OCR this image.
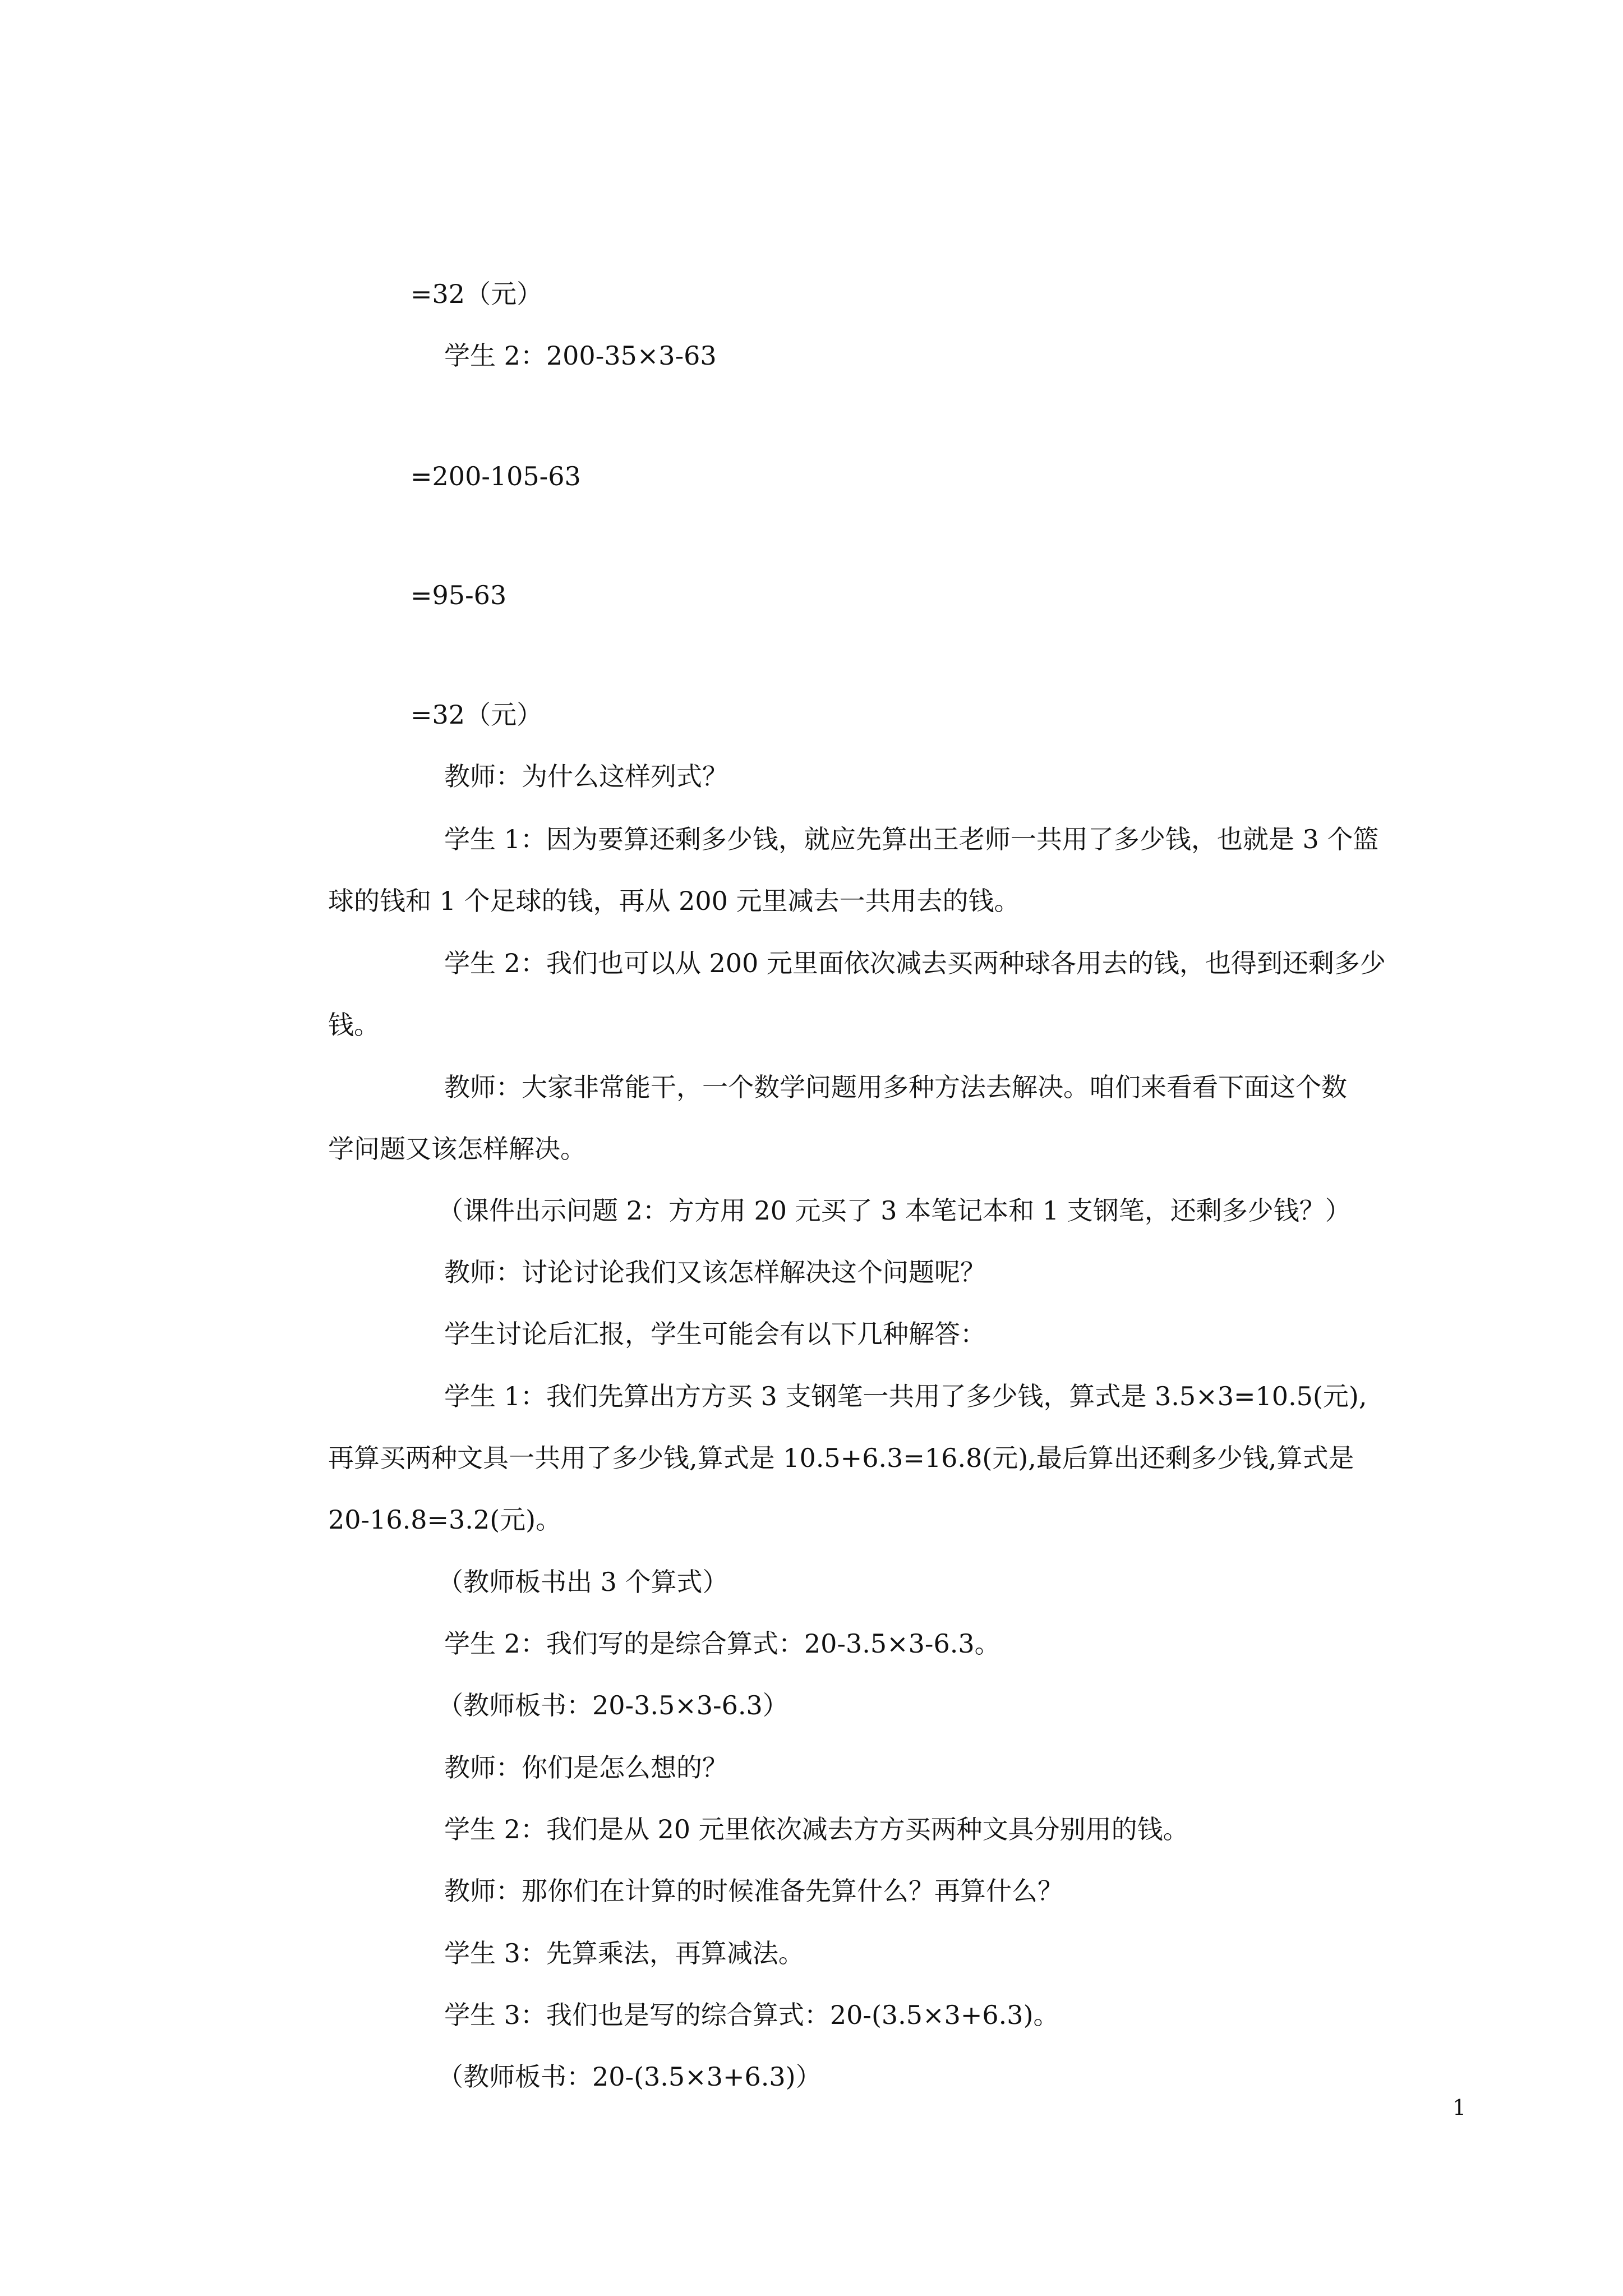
=32（元）
学生 2：200-35×3-63
=200-105-63
=95-63
=32（元）
教师：为什么这样列式？
学生 1：因为要算还剩多少钱，就应先算出王老师一共用了多少钱，也就是 3 个篮
球的钱和 1 个足球的钱，再从 200 元里减去一共用去的钱。
学生 2：我们也可以从 200 元里面依次减去买两种球各用去的钱，也得到还剩多少
钱。
教师：大家非常能干，一个数学问题用多种方法去解决。咱们来看看下面这个数
学问题又该怎样解决。
（课件出示问题 2：方方用 20 元买了 3 本笔记本和 1 支钢笔，还剩多少钱？）
教师：讨论讨论我们又该怎样解决这个问题呢？
学生讨论后汇报，学生可能会有以下几种解答：
学生 1：我们先算出方方买 3 支钢笔一共用了多少钱，算式是 3.5×3=10.5(元),
再算买两种文具一共用了多少钱,算式是 10.5+6.3=16.8(元),最后算出还剩多少钱,算式是
20-16.8=3.2(元)。
（教师板书出 3 个算式）
学生 2：我们写的是综合算式：20-3.5×3-6.3。
（教师板书：20-3.5×3-6.3）
教师：你们是怎么想的？
学生 2：我们是从 20 元里依次减去方方买两种文具分别用的钱。
教师：那你们在计算的时候准备先算什么？再算什么？
学生 3：先算乘法，再算减法。
学生 3：我们也是写的综合算式：20-(3.5×3+6.3)。
（教师板书：20-(3.5×3+6.3)）
1
